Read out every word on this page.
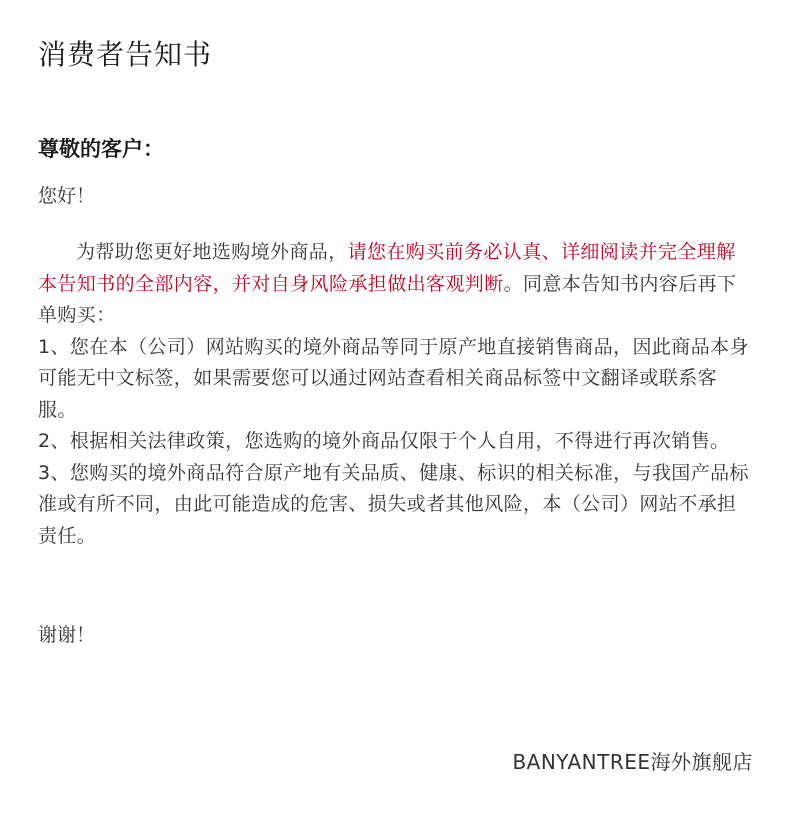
消费者告知书
尊敬的客户：
您好！

为帮助您更好地选购境外商品，请您在购买前务必认真、详细阅读并完全理解本告知书的全部内容，并对自身风险承担做出客观判断。同意本告知书内容后再下单购买：

1、您在本（公司）网站购买的境外商品等同于原产地直接销售商品，因此商品本身可能无中文标签，如果需要您可以通过网站查看相关商品标签中文翻译或联系客服。

2、根据相关法律政策，您选购的境外商品仅限于个人自用，不得进行再次销售。

3、您购买的境外商品符合原产地有关品质、健康、标识的相关标准，与我国产品标准或有所不同，由此可能造成的危害、损失或者其他风险，本（公司）网站不承担责任。

谢谢！
BANYANTREE海外旗舰店
